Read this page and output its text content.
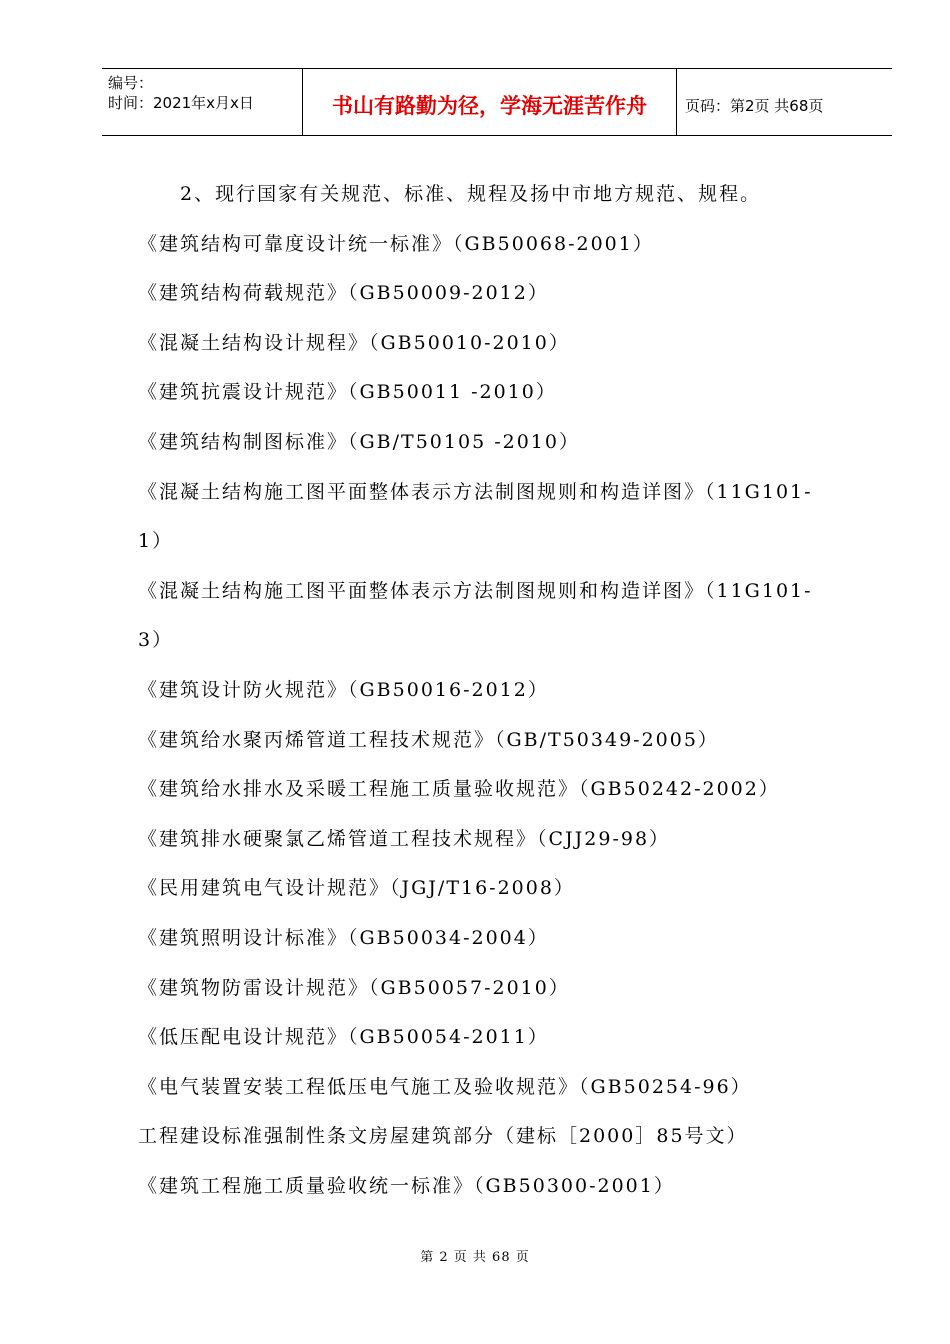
编号：
时间：2021年x月x日	书山有路勤为径，学海无涯苦作舟	页码：第2页 共68页
2、现行国家有关规范、标准、规程及扬中市地方规范、规程。
《建筑结构可靠度设计统一标准》（GB50068-2001）
《建筑结构荷载规范》（GB50009-2012）
《混凝土结构设计规程》（GB50010-2010）
《建筑抗震设计规范》（GB50011 -2010）
《建筑结构制图标准》（GB/T50105 -2010）
《混凝土结构施工图平面整体表示方法制图规则和构造详图》（11G101-
1）
《混凝土结构施工图平面整体表示方法制图规则和构造详图》（11G101-
3）
《建筑设计防火规范》（GB50016-2012）
《建筑给水聚丙烯管道工程技术规范》（GB/T50349-2005）
《建筑给水排水及采暖工程施工质量验收规范》（GB50242-2002）
《建筑排水硬聚氯乙烯管道工程技术规程》（CJJ29-98）
《民用建筑电气设计规范》（JGJ/T16-2008）
《建筑照明设计标准》（GB50034-2004）
《建筑物防雷设计规范》（GB50057-2010）
《低压配电设计规范》（GB50054-2011）
《电气装置安装工程低压电气施工及验收规范》（GB50254-96）
工程建设标准强制性条文房屋建筑部分（建标［2000］85号文）
《建筑工程施工质量验收统一标准》（GB50300-2001）
第 2 页 共 68 页
